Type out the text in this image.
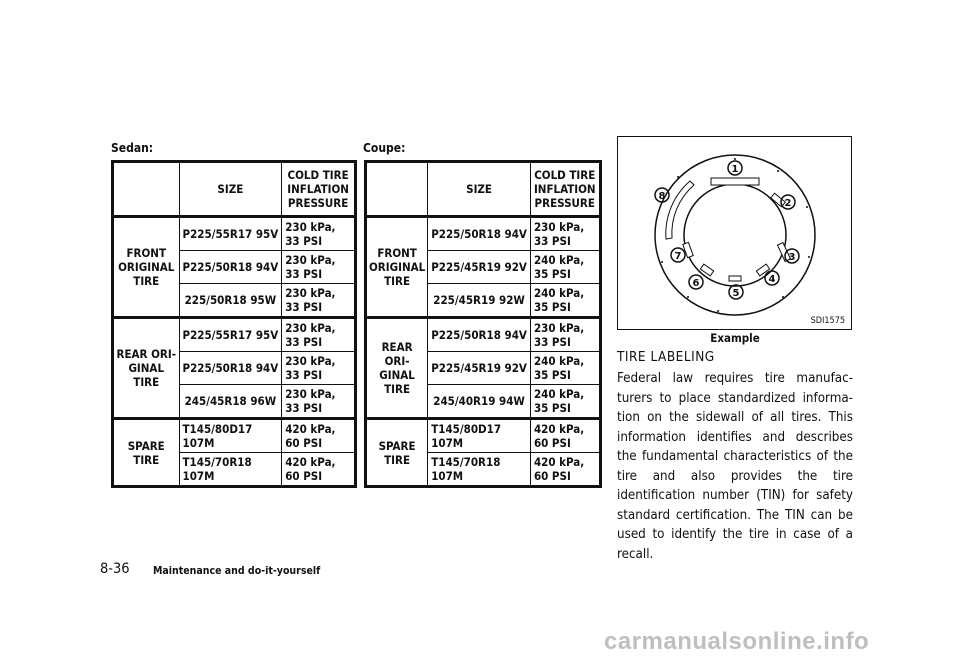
Sedan:
	SIZE	COLD TIRE
INFLATION
PRESSURE
FRONT
ORIGINAL
TIRE	P225/55R17 95V	230 kPa,
33 PSI
	P225/50R18 94V	230 kPa,
33 PSI
	225/50R18 95W	230 kPa,
33 PSI
REAR ORI-
GINAL TIRE	P225/55R17 95V	230 kPa,
33 PSI
	P225/50R18 94V	230 kPa,
33 PSI
	245/45R18 96W	230 kPa,
33 PSI
SPARE TIRE	T145/80D17
107M	420 kPa,
60 PSI
	T145/70R18
107M	420 kPa,
60 PSI
Coupe:
	SIZE	COLD TIRE
INFLATION
PRESSURE
FRONT
ORIGINAL
TIRE	P225/50R18 94V	230 kPa,
33 PSI
	P225/45R19 92V	240 kPa,
35 PSI
	225/45R19 92W	240 kPa,
35 PSI
REAR ORI-
GINAL TIRE	P225/50R18 94V	230 kPa,
33 PSI
	P225/45R19 92V	240 kPa,
35 PSI
	245/40R19 94W	240 kPa,
35 PSI
SPARE TIRE	T145/80D17
107M	420 kPa,
60 PSI
	T145/70R18
107M	420 kPa,
60 PSI
1
2
3
4
5
6
7
8
SDI1575
Example
TIRE LABELING
Federal law requires tire manufac-turers to place standardized informa-tion on the sidewall of all tires. This information identifies and describes the fundamental characteristics of the tire and also provides the tire identification number (TIN) for safety standard certification. The TIN can be used to identify the tire in case of a recall.
8-36 Maintenance and do-it-yourself
carmanualsonline.info
